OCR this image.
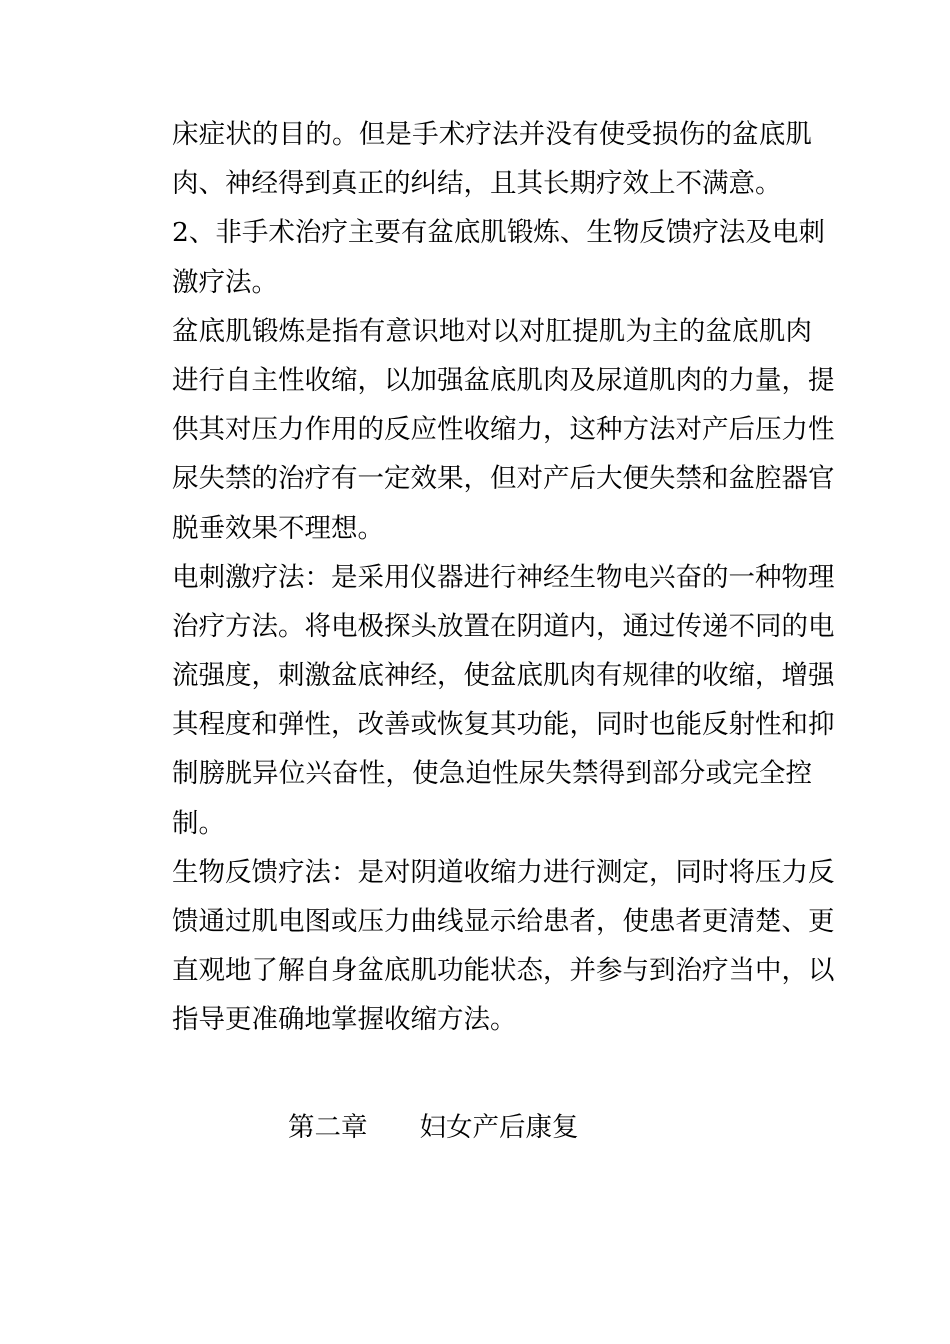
床症状的目的。但是手术疗法并没有使受损伤的盆底肌
肉、神经得到真正的纠结，且其长期疗效上不满意。
2、非手术治疗主要有盆底肌锻炼、生物反馈疗法及电刺
激疗法。
盆底肌锻炼是指有意识地对以对肛提肌为主的盆底肌肉
进行自主性收缩，以加强盆底肌肉及尿道肌肉的力量，提
供其对压力作用的反应性收缩力，这种方法对产后压力性
尿失禁的治疗有一定效果，但对产后大便失禁和盆腔器官
脱垂效果不理想。
电刺激疗法：是采用仪器进行神经生物电兴奋的一种物理
治疗方法。将电极探头放置在阴道内，通过传递不同的电
流强度，刺激盆底神经，使盆底肌肉有规律的收缩，增强
其程度和弹性，改善或恢复其功能，同时也能反射性和抑
制膀胱异位兴奋性，使急迫性尿失禁得到部分或完全控
制。
生物反馈疗法：是对阴道收缩力进行测定，同时将压力反
馈通过肌电图或压力曲线显示给患者，使患者更清楚、更
直观地了解自身盆底肌功能状态，并参与到治疗当中，以
指导更准确地掌握收缩方法。
第二章 妇女产后康复
